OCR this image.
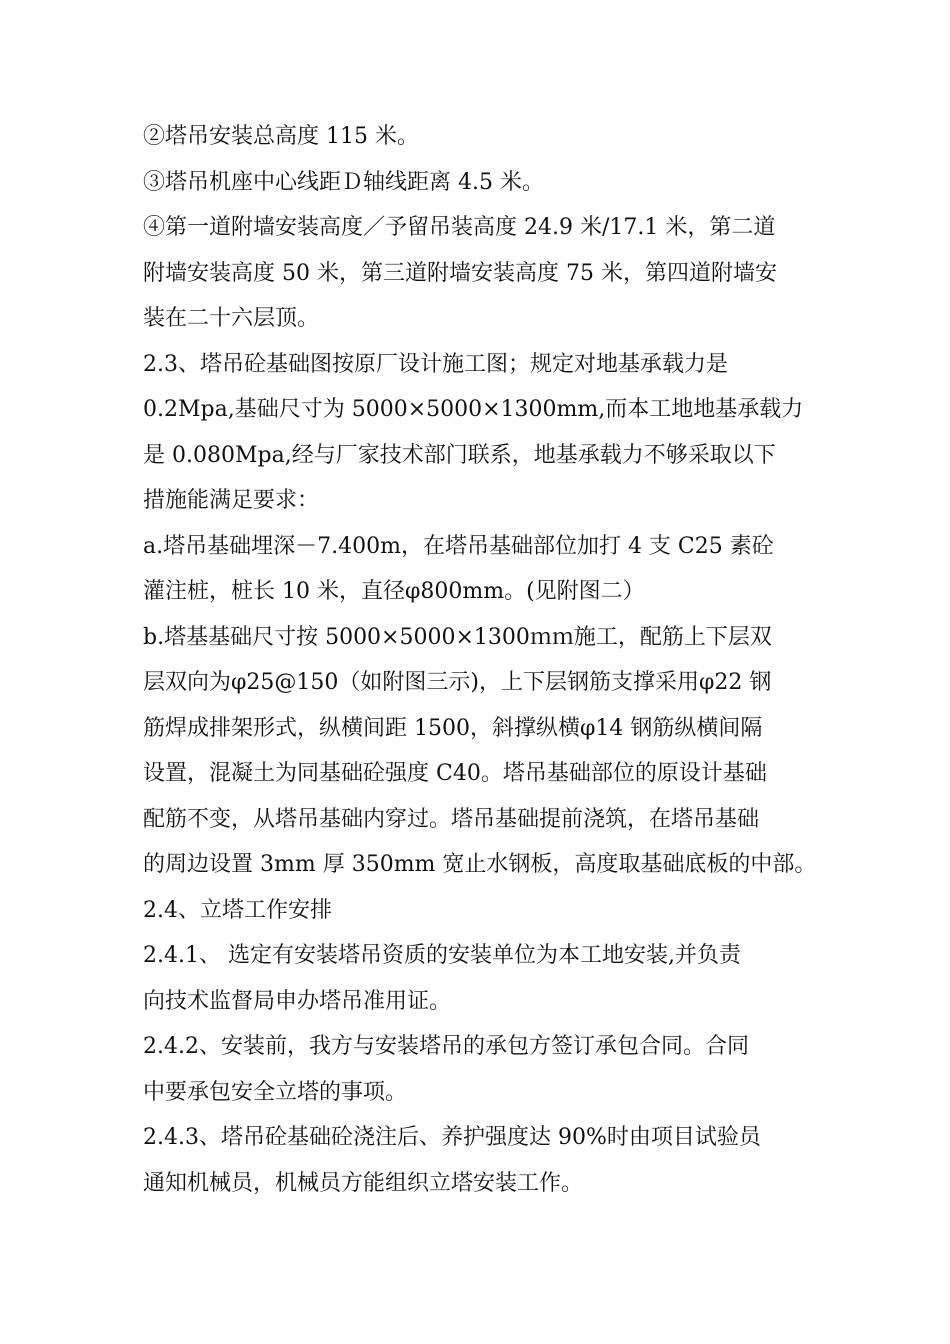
②塔吊安装总高度 115 米。

③塔吊机座中心线距Ｄ轴线距离 4.5 米。

④第一道附墙安装高度／予留吊装高度 24.9 米/17.1 米，第二道
附墙安装高度 50 米，第三道附墙安装高度 75 米，第四道附墙安
装在二十六层顶。

2.3、塔吊砼基础图按原厂设计施工图；规定对地基承载力是
0.2Mpa,基础尺寸为 5000×5000×1300mm,而本工地地基承载力
是 0.080Mpa,经与厂家技术部门联系，地基承载力不够采取以下
措施能满足要求：

a.塔吊基础埋深－7.400m，在塔吊基础部位加打 4 支 C25 素砼
灌注桩，桩长 10 米，直径φ800mm。(见附图二）

b.塔基基础尺寸按 5000×5000×1300ｍｍ施工，配筋上下层双
层双向为φ25@150（如附图三示)，上下层钢筋支撑采用φ22 钢
筋焊成排架形式，纵横间距 1500，斜撑纵横φ14 钢筋纵横间隔
设置，混凝土为同基础砼强度 C40。塔吊基础部位的原设计基础
配筋不变，从塔吊基础内穿过。塔吊基础提前浇筑，在塔吊基础
的周边设置 3mm 厚 350mm 宽止水钢板，高度取基础底板的中部。

2.4、立塔工作安排

2.4.1、 选定有安装塔吊资质的安装单位为本工地安装,并负责
向技术监督局申办塔吊准用证。

2.4.2、安装前，我方与安装塔吊的承包方签订承包合同。合同
中要承包安全立塔的事项。

2.4.3、塔吊砼基础砼浇注后、养护强度达 90%时由项目试验员
通知机械员，机械员方能组织立塔安装工作。
